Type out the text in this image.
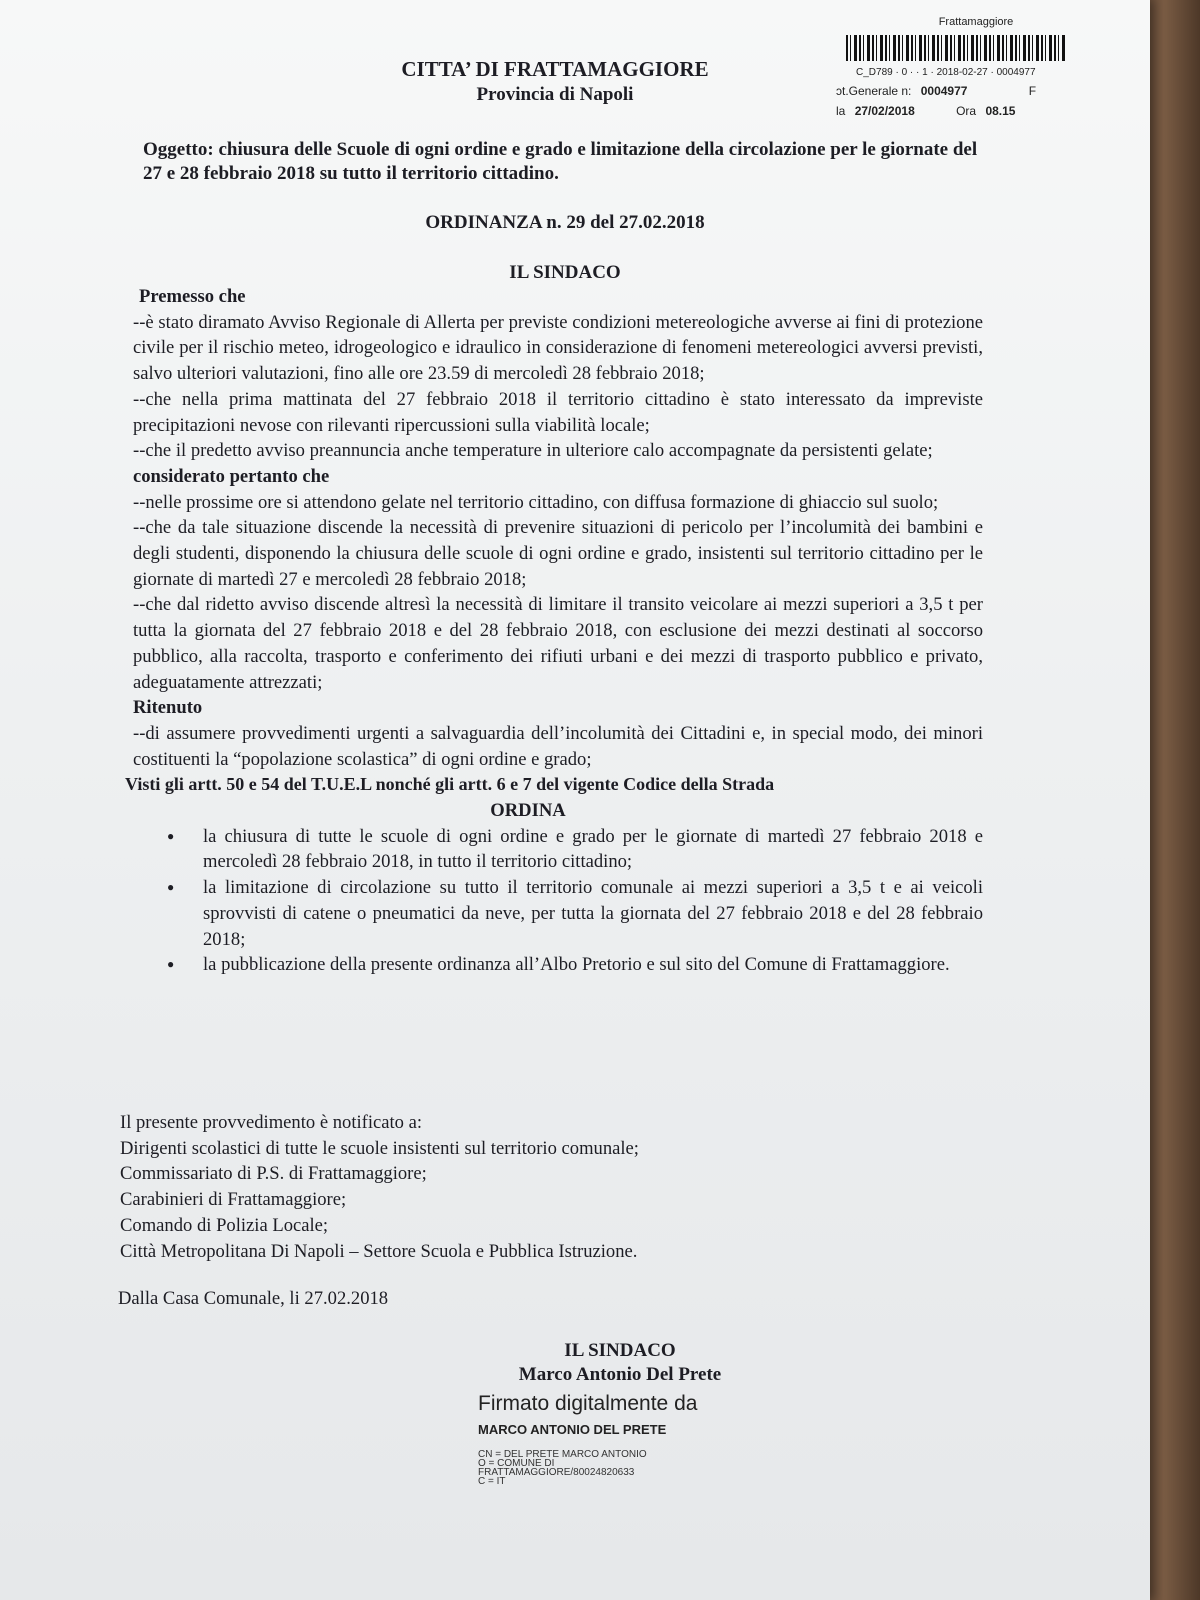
CITTA’ DI FRATTAMAGGIORE
Provincia di Napoli
Frattamaggiore
C_D789 · 0 · · 1 · 2018-02-27 · 0004977
ɔt.Generale n: 0004977	F
la 27/02/2018	Ora 08.15
Oggetto: chiusura delle Scuole di ogni ordine e grado e limitazione della circolazione per le giornate del 27 e 28 febbraio 2018 su tutto il territorio cittadino.
ORDINANZA n. 29 del 27.02.2018
IL SINDACO

Premesso che

--è stato diramato Avviso Regionale di Allerta per previste condizioni metereologiche avverse ai fini di protezione civile per il rischio meteo, idrogeologico e idraulico in considerazione di fenomeni metereologici avversi previsti, salvo ulteriori valutazioni, fino alle ore 23.59 di mercoledì 28 febbraio 2018;

--che nella prima mattinata del 27 febbraio 2018 il territorio cittadino è stato interessato da impreviste precipitazioni nevose con rilevanti ripercussioni sulla viabilità locale;

--che il predetto avviso preannuncia anche temperature in ulteriore calo accompagnate da persistenti gelate;

considerato pertanto che

--nelle prossime ore si attendono gelate nel territorio cittadino, con diffusa formazione di ghiaccio sul suolo;

--che da tale situazione discende la necessità di prevenire situazioni di pericolo per l’incolumità dei bambini e degli studenti, disponendo la chiusura delle scuole di ogni ordine e grado, insistenti sul territorio cittadino per le giornate di martedì 27 e mercoledì 28 febbraio 2018;

--che dal ridetto avviso discende altresì la necessità di limitare il transito veicolare ai mezzi superiori a 3,5 t per tutta la giornata del 27 febbraio 2018 e del 28 febbraio 2018, con esclusione dei mezzi destinati al soccorso pubblico, alla raccolta, trasporto e conferimento dei rifiuti urbani e dei mezzi di trasporto pubblico e privato, adeguatamente attrezzati;

Ritenuto

--di assumere provvedimenti urgenti a salvaguardia dell’incolumità dei Cittadini e, in special modo, dei minori costituenti la “popolazione scolastica” di ogni ordine e grado;

Visti gli artt. 50 e 54 del T.U.E.L nonché gli artt. 6 e 7 del vigente Codice della Strada

ORDINA

● la chiusura di tutte le scuole di ogni ordine e grado per le giornate di martedì 27 febbraio 2018 e mercoledì 28 febbraio 2018, in tutto il territorio cittadino;
● la limitazione di circolazione su tutto il territorio comunale ai mezzi superiori a 3,5 t e ai veicoli sprovvisti di catene o pneumatici da neve, per tutta la giornata del 27 febbraio 2018 e del 28 febbraio 2018;
● la pubblicazione della presente ordinanza all’Albo Pretorio e sul sito del Comune di Frattamaggiore.
Il presente provvedimento è notificato a:
Dirigenti scolastici di tutte le scuole insistenti sul territorio comunale;
Commissariato di P.S. di Frattamaggiore;
Carabinieri di Frattamaggiore;
Comando di Polizia Locale;
Città Metropolitana Di Napoli – Settore Scuola e Pubblica Istruzione.
Dalla Casa Comunale, li 27.02.2018
IL SINDACO
Marco Antonio Del Prete
Firmato digitalmente da
MARCO ANTONIO DEL PRETE
CN = DEL PRETE MARCO ANTONIO
O = COMUNE DI
FRATTAMAGGIORE/80024820633
C = IT
